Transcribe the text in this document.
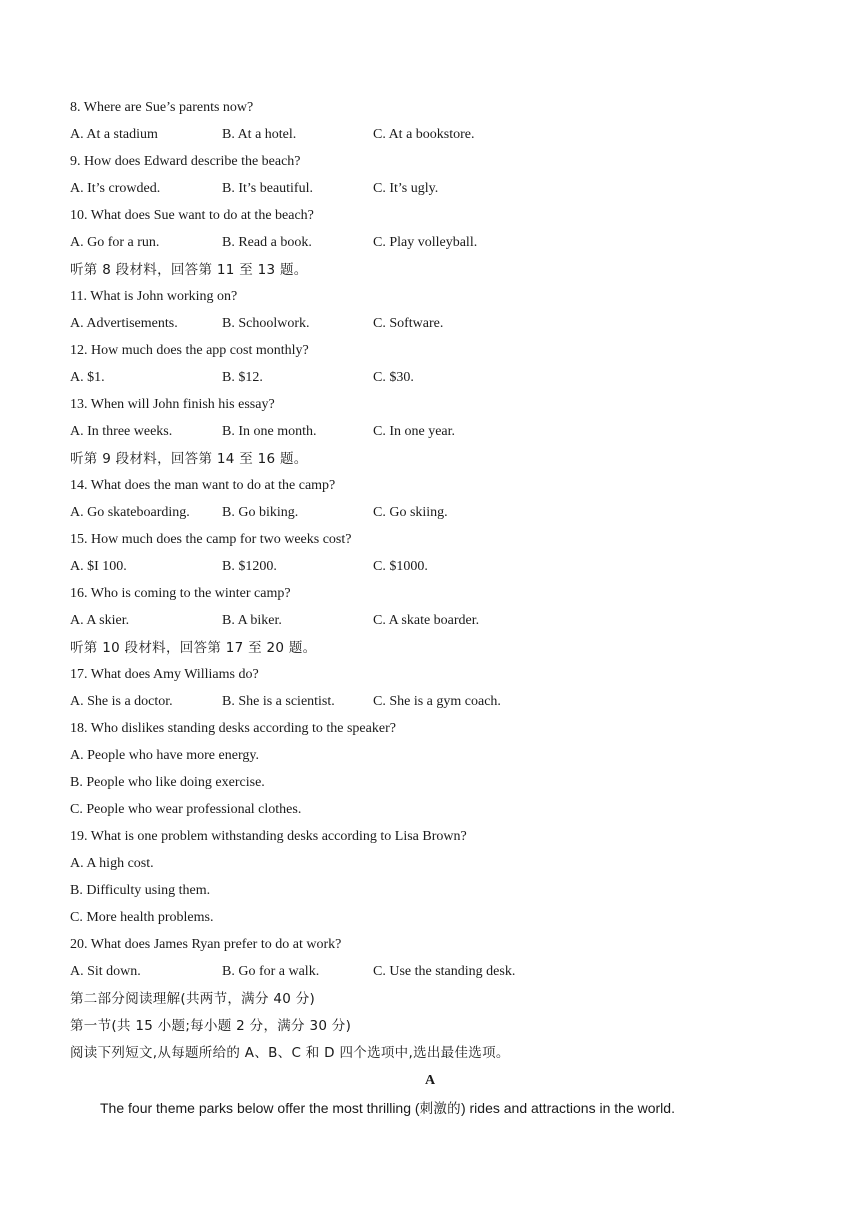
8. Where are Sue’s parents now?
A. At a stadium	B. At a hotel.	C. At a bookstore.
9. How does Edward describe the beach?
A. It’s crowded.	B. It’s beautiful.	C. It’s ugly.
10. What does Sue want to do at the beach?
A. Go for a run.	B. Read a book.	C. Play volleyball.
听第 8 段材料，回答第 11 至 13 题。
11. What is John working on?
A. Advertisements.	B. Schoolwork.	C. Software.
12. How much does the app cost monthly?
A. $1.	B. $12.	C. $30.
13. When will John finish his essay?
A. In three weeks.	B. In one month.	C. In one year.
听第 9 段材料，回答第 14 至 16 题。
14. What does the man want to do at the camp?
A. Go skateboarding. B. Go biking.	C. Go skiing.
15. How much does the camp for two weeks cost?
A. $I 100.	B. $1200.	C. $1000.
16. Who is coming to the winter camp?
A. A skier.	B. A biker.	C. A skate boarder.
听第 10 段材料，回答第 17 至 20 题。
17. What does Amy Williams do?
A. She is a doctor.	B. She is a scientist.	C. She is a gym coach.
18. Who dislikes standing desks according to the speaker?
A. People who have more energy.
B. People who like doing exercise.
C. People who wear professional clothes.
19. What is one problem withstanding desks according to Lisa Brown?
A. A high cost.
B. Difficulty using them.
C. More health problems.
20. What does James Ryan prefer to do at work?
A. Sit down.	B. Go for a walk.	C. Use the standing desk.
第二部分阅读理解(共两节，满分 40 分)
第一节(共 15 小题;每小题 2 分，满分 30 分)
阅读下列短文,从每题所给的 A、B、C 和 D 四个选项中,选出最佳选项。
A
The four theme parks below offer the most thrilling (刺激的) rides and attractions in the world.
